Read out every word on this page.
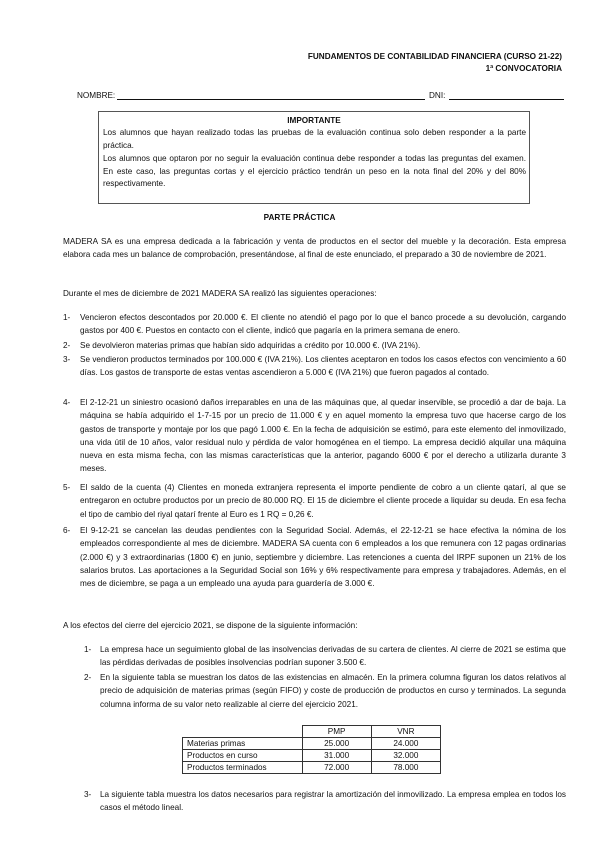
FUNDAMENTOS DE CONTABILIDAD FINANCIERA (CURSO 21-22)
1ª CONVOCATORIA
NOMBRE:	DNI:
IMPORTANTE
Los alumnos que hayan realizado todas las pruebas de la evaluación continua solo deben responder a la parte práctica.
Los alumnos que optaron por no seguir la evaluación continua debe responder a todas las preguntas del examen. En este caso, las preguntas cortas y el ejercicio práctico tendrán un peso en la nota final del 20% y del 80% respectivamente.
PARTE PRÁCTICA
MADERA SA es una empresa dedicada a la fabricación y venta de productos en el sector del mueble y la decoración. Esta empresa elabora cada mes un balance de comprobación, presentándose, al final de este enunciado, el preparado a 30 de noviembre de 2021.
Durante el mes de diciembre de 2021 MADERA SA realizó las siguientes operaciones:
1- Vencieron efectos descontados por 20.000 €. El cliente no atendió el pago por lo que el banco procede a su devolución, cargando gastos por 400 €. Puestos en contacto con el cliente, indicó que pagaría en la primera semana de enero.
2- Se devolvieron materias primas que habían sido adquiridas a crédito por 10.000 €. (IVA 21%).
3- Se vendieron productos terminados por 100.000 € (IVA 21%). Los clientes aceptaron en todos los casos efectos con vencimiento a 60 días. Los gastos de transporte de estas ventas ascendieron a 5.000 € (IVA 21%) que fueron pagados al contado.
4- El 2-12-21 un siniestro ocasionó daños irreparables en una de las máquinas que, al quedar inservible, se procedió a dar de baja. La máquina se había adquirido el 1-7-15 por un precio de 11.000 € y en aquel momento la empresa tuvo que hacerse cargo de los gastos de transporte y montaje por los que pagó 1.000 €. En la fecha de adquisición se estimó, para este elemento del inmovilizado, una vida útil de 10 años, valor residual nulo y pérdida de valor homogénea en el tiempo. La empresa decidió alquilar una máquina nueva en esta misma fecha, con las mismas características que la anterior, pagando 6000 € por el derecho a utilizarla durante 3 meses.
5- El saldo de la cuenta (4) Clientes en moneda extranjera representa el importe pendiente de cobro a un cliente qatarí, al que se entregaron en octubre productos por un precio de 80.000 RQ. El 15 de diciembre el cliente procede a liquidar su deuda. En esa fecha el tipo de cambio del riyal qatarí frente al Euro es 1 RQ = 0,26 €.
6- El 9-12-21 se cancelan las deudas pendientes con la Seguridad Social. Además, el 22-12-21 se hace efectiva la nómina de los empleados correspondiente al mes de diciembre. MADERA SA cuenta con 6 empleados a los que remunera con 12 pagas ordinarias (2.000 €) y 3 extraordinarias (1800 €) en junio, septiembre y diciembre. Las retenciones a cuenta del IRPF suponen un 21% de los salarios brutos. Las aportaciones a la Seguridad Social son 16% y 6% respectivamente para empresa y trabajadores. Además, en el mes de diciembre, se paga a un empleado una ayuda para guardería de 3.000 €.
A los efectos del cierre del ejercicio 2021, se dispone de la siguiente información:
1- La empresa hace un seguimiento global de las insolvencias derivadas de su cartera de clientes. Al cierre de 2021 se estima que las pérdidas derivadas de posibles insolvencias podrían suponer 3.500 €.
2- En la siguiente tabla se muestran los datos de las existencias en almacén. En la primera columna figuran los datos relativos al precio de adquisición de materias primas (según FIFO) y coste de producción de productos en curso y terminados. La segunda columna informa de su valor neto realizable al cierre del ejercicio 2021.
	PMP	VNR
Materias primas	25.000	24.000
Productos en curso	31.000	32.000
Productos terminados	72.000	78.000
3- La siguiente tabla muestra los datos necesarios para registrar la amortización del inmovilizado. La empresa emplea en todos los casos el método lineal.
